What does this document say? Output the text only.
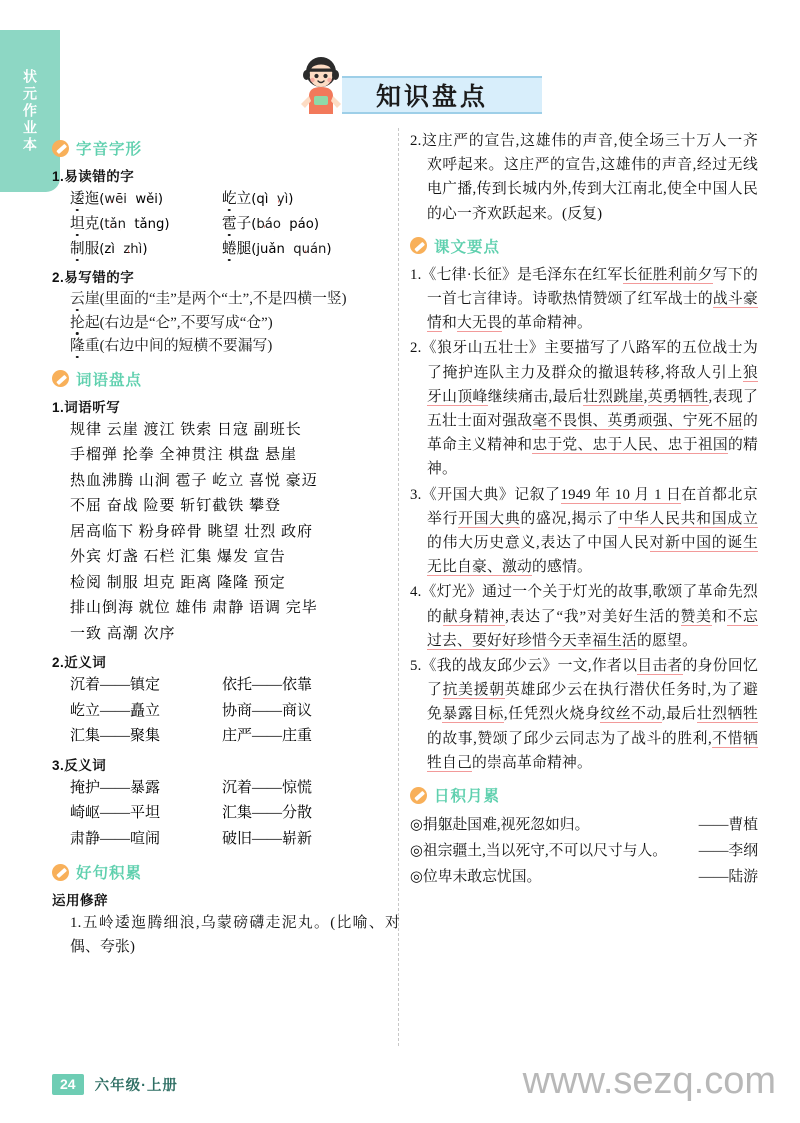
状元作业本	知识盘点
字音字形
1.易读错的字
逶迤(wēi wěi)	屹立(qì yì)
坦克(tǎn tǎng)	雹子(báo páo)
制服(zì zhì)	蜷腿(juǎn quán)
2.易写错的字
云崖(里面的“圭”是两个“土”,不是四横一竖)
抡起(右边是“仑”,不要写成“仓”)
隆重(右边中间的短横不要漏写)
词语盘点
1.词语听写
规律 云崖 渡江 铁索 日寇 副班长
手榴弹 抡拳 全神贯注 棋盘 悬崖
热血沸腾 山涧 雹子 屹立 喜悦 豪迈
不屈 奋战 险要 斩钉截铁 攀登
居高临下 粉身碎骨 眺望 壮烈 政府
外宾 灯盏 石栏 汇集 爆发 宣告
检阅 制服 坦克 距离 隆隆 预定
排山倒海 就位 雄伟 肃静 语调 完毕
一致 高潮 次序
2.近义词
沉着——镇定	依托——依靠
屹立——矗立	协商——商议
汇集——聚集	庄严——庄重
3.反义词
掩护——暴露	沉着——惊慌
崎岖——平坦	汇集——分散
肃静——喧闹	破旧——崭新
好句积累
运用修辞
1.五岭逶迤腾细浪,乌蒙磅礴走泥丸。(比喻、对偶、夸张)
2.这庄严的宣告,这雄伟的声音,使全场三十万人一齐欢呼起来。这庄严的宣告,这雄伟的声音,经过无线电广播,传到长城内外,传到大江南北,使全中国人民的心一齐欢跃起来。(反复)
课文要点
1.《七律·长征》是毛泽东在红军长征胜利前夕写下的一首七言律诗。诗歌热情赞颂了红军战士的战斗豪情和大无畏的革命精神。
2.《狼牙山五壮士》主要描写了八路军的五位战士为了掩护连队主力及群众的撤退转移,将敌人引上狼牙山顶峰继续痛击,最后壮烈跳崖,英勇牺牲,表现了五壮士面对强敌毫不畏惧、英勇顽强、宁死不屈的革命主义精神和忠于党、忠于人民、忠于祖国的精神。
3.《开国大典》记叙了1949 年 10 月 1 日在首都北京举行开国大典的盛况,揭示了中华人民共和国成立的伟大历史意义,表达了中国人民对新中国的诞生无比自豪、激动的感情。
4.《灯光》通过一个关于灯光的故事,歌颂了革命先烈的献身精神,表达了“我”对美好生活的赞美和不忘过去、要好好珍惜今天幸福生活的愿望。
5.《我的战友邱少云》一文,作者以目击者的身份回忆了抗美援朝英雄邱少云在执行潜伏任务时,为了避免暴露目标,任凭烈火烧身纹丝不动,最后壮烈牺牲的故事,赞颂了邱少云同志为了战斗的胜利,不惜牺牲自己的崇高革命精神。
日积月累
◎捐躯赴国难,视死忽如归。	——曹植
◎祖宗疆土,当以死守,不可以尺寸与人。 ——李纲
◎位卑未敢忘忧国。	——陆游
24	六年级·上册	www.sezq.com
